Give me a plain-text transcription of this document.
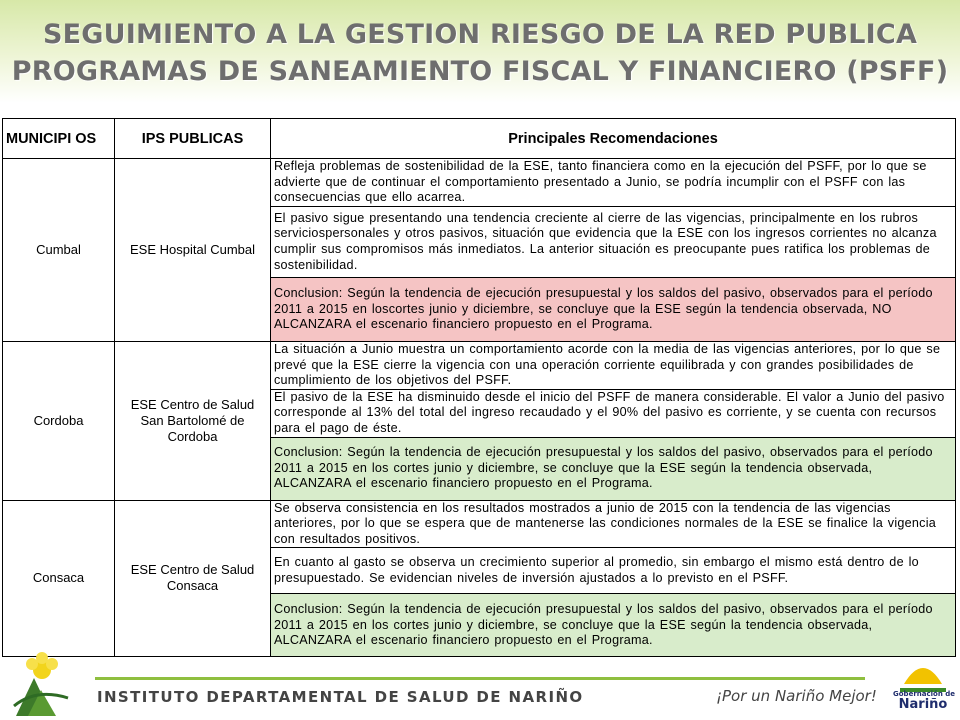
SEGUIMIENTO A LA GESTION RIESGO DE LA RED PUBLICA
PROGRAMAS DE SANEAMIENTO FISCAL Y FINANCIERO (PSFF)
MUNICIPI OS	IPS PUBLICAS	Principales Recomendaciones
Cumbal	ESE Hospital Cumbal	Refleja problemas de sostenibilidad de la ESE, tanto financiera como en la ejecución del PSFF, por lo que se advierte que de continuar el comportamiento presentado a Junio, se podría incumplir con el PSFF con las consecuencias que ello acarrea.
		El pasivo sigue presentando una tendencia creciente al cierre de las vigencias, principalmente en los rubros serviciospersonales y otros pasivos, situación que evidencia que la ESE con los ingresos corrientes no alcanza cumplir sus compromisos más inmediatos. La anterior situación es preocupante pues ratifica los problemas de sostenibilidad.
		Conclusion: Según la tendencia de ejecución presupuestal y los saldos del pasivo, observados para el período 2011 a 2015 en loscortes junio y diciembre, se concluye que la ESE según la tendencia observada, NO ALCANZARA el escenario financiero propuesto en el Programa.
Cordoba	ESE Centro de Salud San Bartolomé de Cordoba	La situación a Junio muestra un comportamiento acorde con la media de las vigencias anteriores, por lo que se prevé que la ESE cierre la vigencia con una operación corriente equilibrada y con grandes posibilidades de cumplimiento de los objetivos del PSFF.
		El pasivo de la ESE ha disminuido desde el inicio del PSFF de manera considerable. El valor a Junio del pasivo corresponde al 13% del total del ingreso recaudado y el 90% del pasivo es corriente, y se cuenta con recursos para el pago de éste.
		Conclusion: Según la tendencia de ejecución presupuestal y los saldos del pasivo, observados para el período 2011 a 2015 en los cortes junio y diciembre, se concluye que la ESE según la tendencia observada, ALCANZARA el escenario financiero propuesto en el Programa.
Consaca	ESE Centro de Salud Consaca	Se observa consistencia en los resultados mostrados a junio de 2015 con la tendencia de las vigencias anteriores, por lo que se espera que de mantenerse las condiciones normales de la ESE se finalice la vigencia con resultados positivos.
		En cuanto al gasto se observa un crecimiento superior al promedio, sin embargo el mismo está dentro de lo presupuestado. Se evidencian niveles de inversión ajustados a lo previsto en el PSFF.
		Conclusion: Según la tendencia de ejecución presupuestal y los saldos del pasivo, observados para el período 2011 a 2015 en los cortes junio y diciembre, se concluye que la ESE según la tendencia observada, ALCANZARA el escenario financiero propuesto en el Programa.
INSTITUTO DEPARTAMENTAL DE SALUD DE NARIÑO	¡Por un Nariño Mejor! Gobernación de
Nariño
